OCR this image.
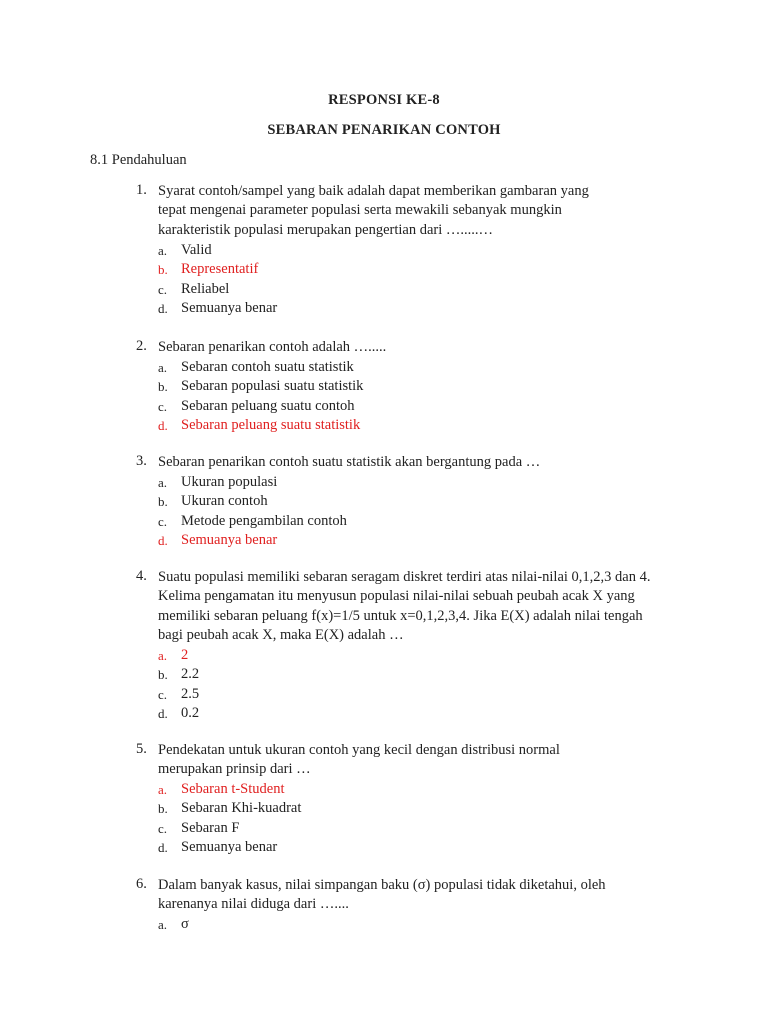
RESPONSI KE-8
SEBARAN PENARIKAN CONTOH
8.1 Pendahuluan
1. Syarat contoh/sampel yang baik adalah dapat memberikan gambaran yang
tepat mengenai parameter populasi serta mewakili sebanyak mungkin
karakteristik populasi merupakan pengertian dari ….....…
a. Valid
b. Representatif
c. Reliabel
d. Semuanya benar
2. Sebaran penarikan contoh adalah ….....
a. Sebaran contoh suatu statistik
b. Sebaran populasi suatu statistik
c. Sebaran peluang suatu contoh
d. Sebaran peluang suatu statistik
3. Sebaran penarikan contoh suatu statistik akan bergantung pada …
a. Ukuran populasi
b. Ukuran contoh
c. Metode pengambilan contoh
d. Semuanya benar
4. Suatu populasi memiliki sebaran seragam diskret terdiri atas nilai-nilai 0,1,2,3 dan 4.
Kelima pengamatan itu menyusun populasi nilai-nilai sebuah peubah acak X yang
memiliki sebaran peluang f(x)=1/5 untuk x=0,1,2,3,4. Jika E(X) adalah nilai tengah
bagi peubah acak X, maka E(X) adalah …
a. 2
b. 2.2
c. 2.5
d. 0.2
5. Pendekatan untuk ukuran contoh yang kecil dengan distribusi normal
merupakan prinsip dari …
a. Sebaran t-Student
b. Sebaran Khi-kuadrat
c. Sebaran F
d. Semuanya benar
6. Dalam banyak kasus, nilai simpangan baku (σ) populasi tidak diketahui, oleh
karenanya nilai diduga dari …....
a. σ
